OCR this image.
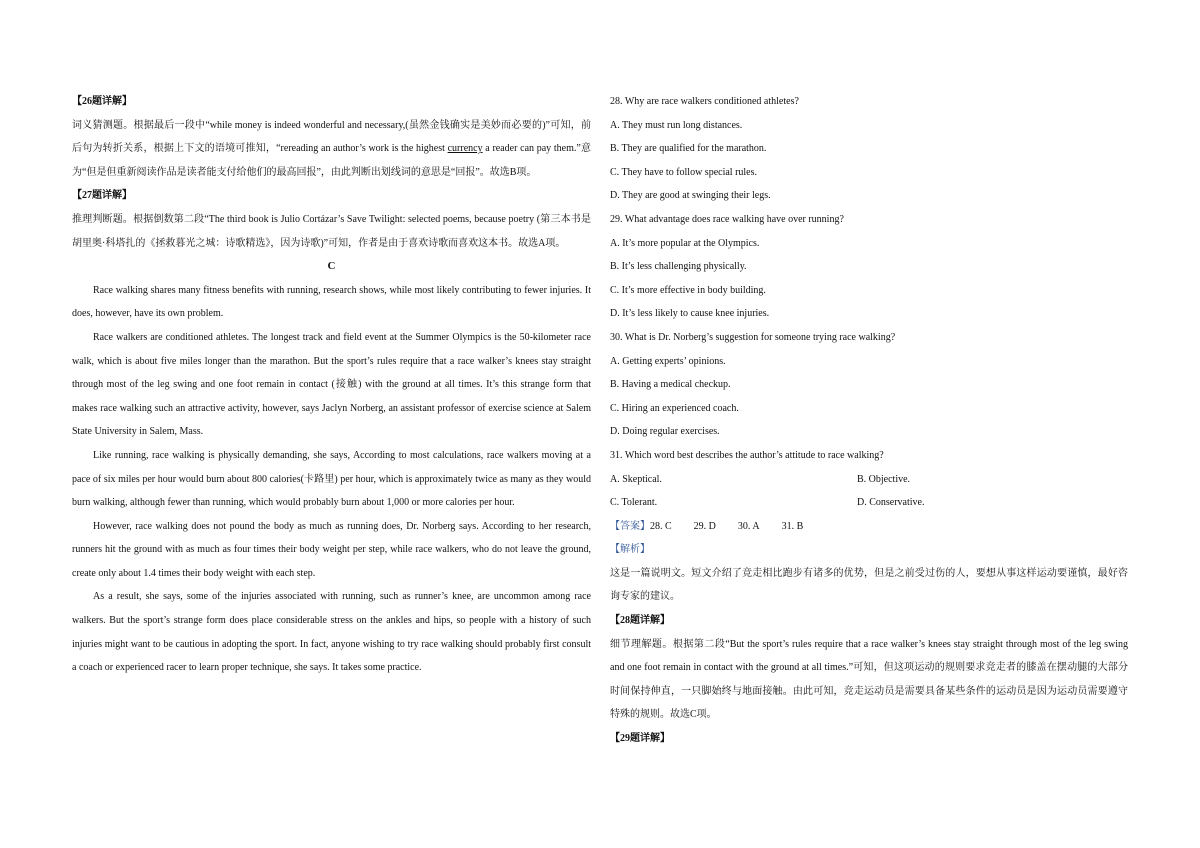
【26题详解】
词义猜测题。根据最后一段中“while money is indeed wonderful and necessary,(虽然金钱确实是美妙而必要的)”可知，前后句为转折关系，根据上下文的语境可推知，“rereading an author’s work is the highest currency a reader can pay them.”意为“但是但重新阅读作品是读者能支付给他们的最高回报”，由此判断出划线词的意思是“回报”。故选B项。
【27题详解】
推理判断题。根据倒数第二段“The third book is Julio Cortázar’s Save Twilight: selected poems, because poetry (第三本书是胡里奥·科塔扎的《拯救暮光之城：诗歌精选》，因为诗歌)”可知，作者是由于喜欢诗歌而喜欢这本书。故选A项。
C
Race walking shares many fitness benefits with running, research shows, while most likely contributing to fewer injuries. It does, however, have its own problem.
Race walkers are conditioned athletes. The longest track and field event at the Summer Olympics is the 50-kilometer race walk, which is about five miles longer than the marathon. But the sport’s rules require that a race walker’s knees stay straight through most of the leg swing and one foot remain in contact (接触) with the ground at all times. It’s this strange form that makes race walking such an attractive activity, however, says Jaclyn Norberg, an assistant professor of exercise science at Salem State University in Salem, Mass.
Like running, race walking is physically demanding, she says, According to most calculations, race walkers moving at a pace of six miles per hour would burn about 800 calories(卡路里) per hour, which is approximately twice as many as they would burn walking, although fewer than running, which would probably burn about 1,000 or more calories per hour.
However, race walking does not pound the body as much as running does, Dr. Norberg says. According to her research, runners hit the ground with as much as four times their body weight per step, while race walkers, who do not leave the ground, create only about 1.4 times their body weight with each step.
As a result, she says, some of the injuries associated with running, such as runner’s knee, are uncommon among race walkers. But the sport’s strange form does place considerable stress on the ankles and hips, so people with a history of such injuries might want to be cautious in adopting the sport. In fact, anyone wishing to try race walking should probably first consult a coach or experienced racer to learn proper technique, she says. It takes some practice.
28. Why are race walkers conditioned athletes?
A. They must run long distances.
B. They are qualified for the marathon.
C. They have to follow special rules.
D. They are good at swinging their legs.
29. What advantage does race walking have over running?
A. It’s more popular at the Olympics.
B. It’s less challenging physically.
C. It’s more effective in body building.
D. It’s less likely to cause knee injuries.
30. What is Dr. Norberg’s suggestion for someone trying race walking?
A. Getting experts’ opinions.
B. Having a medical checkup.
C. Hiring an experienced coach.
D. Doing regular exercises.
31. Which word best describes the author’s attitude to race walking?
A. Skeptical.	B. Objective.
C. Tolerant.	D. Conservative.
【答案】28. C 29. D 30. A 31. B
【解析】
这是一篇说明文。短文介绍了竞走相比跑步有诸多的优势，但是之前受过伤的人，要想从事这样运动要谨慎，最好咨询专家的建议。
【28题详解】
细节理解题。根据第二段“But the sport’s rules require that a race walker’s knees stay straight through most of the leg swing and one foot remain in contact with the ground at all times.”可知，但这项运动的规则要求竞走者的膝盖在摆动腿的大部分时间保持伸直，一只脚始终与地面接触。由此可知，竞走运动员是需要具备某些条件的运动员是因为运动员需要遵守特殊的规则。故选C项。
【29题详解】
